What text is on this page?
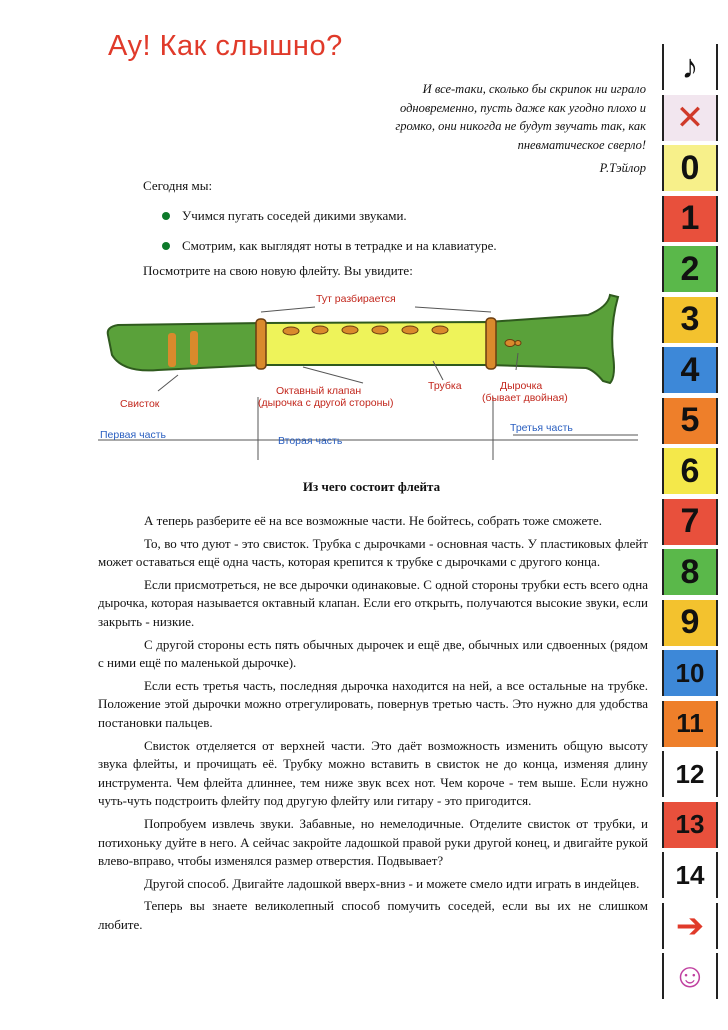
Ау! Как слышно?
И все-таки, сколько бы скрипок ни играло
одновременно, пусть даже как угодно плохо и
громко, они никогда не будут звучать так, как
пневматическое сверло!
Р.Тэйлор
Сегодня мы:
Учимся пугать соседей дикими звуками.
Смотрим, как выглядят ноты в тетрадке и на клавиатуре.
Посмотрите на свою новую флейту. Вы увидите:
Тут разбирается
Октавный клапан
(дырочка с другой стороны)
Трубка	Дырочка
(бывает двойная)
Свисток
Первая часть	Вторая часть
Третья часть
Из чего состоит флейта

А теперь разберите её на все возможные части. Не бойтесь, собрать тоже сможете.

То, во что дуют - это свисток. Трубка с дырочками - основная часть. У пластиковых флейт может оставаться ещё одна часть, которая крепится к трубке с дырочками с другого конца.

Если присмотреться, не все дырочки одинаковые. С одной стороны трубки есть всего одна дырочка, которая называется октавный клапан. Если его открыть, получаются высокие звуки, если закрыть - низкие.

С другой стороны есть пять обычных дырочек и ещё две, обычных или сдвоенных (рядом с ними ещё по маленькой дырочке).

Если есть третья часть, последняя дырочка находится на ней, а все остальные на трубке. Положение этой дырочки можно отрегулировать, повернув третью часть. Это нужно для удобства постановки пальцев.

Свисток отделяется от верхней части. Это даёт возможность изменить общую высоту звука флейты, и прочищать её. Трубку можно вставить в свисток не до конца, изменяя длину инструмента. Чем флейта длиннее, тем ниже звук всех нот. Чем короче - тем выше. Если нужно чуть-чуть подстроить флейту под другую флейту или гитару - это пригодится.

Попробуем извлечь звуки. Забавные, но немелодичные. Отделите свисток от трубки, и потихоньку дуйте в него. А сейчас закройте ладошкой правой руки другой конец, и двигайте рукой влево-вправо, чтобы изменялся размер отверстия. Подвывает?

Другой способ. Двигайте ладошкой вверх-вниз - и можете смело идти играть в индейцев.

Теперь вы знаете великолепный способ помучить соседей, если вы их не слишком любите.

♪
✕
0
1
2
3
4
5
6
7
8
9
10
11
12
13
14
➔
☺
